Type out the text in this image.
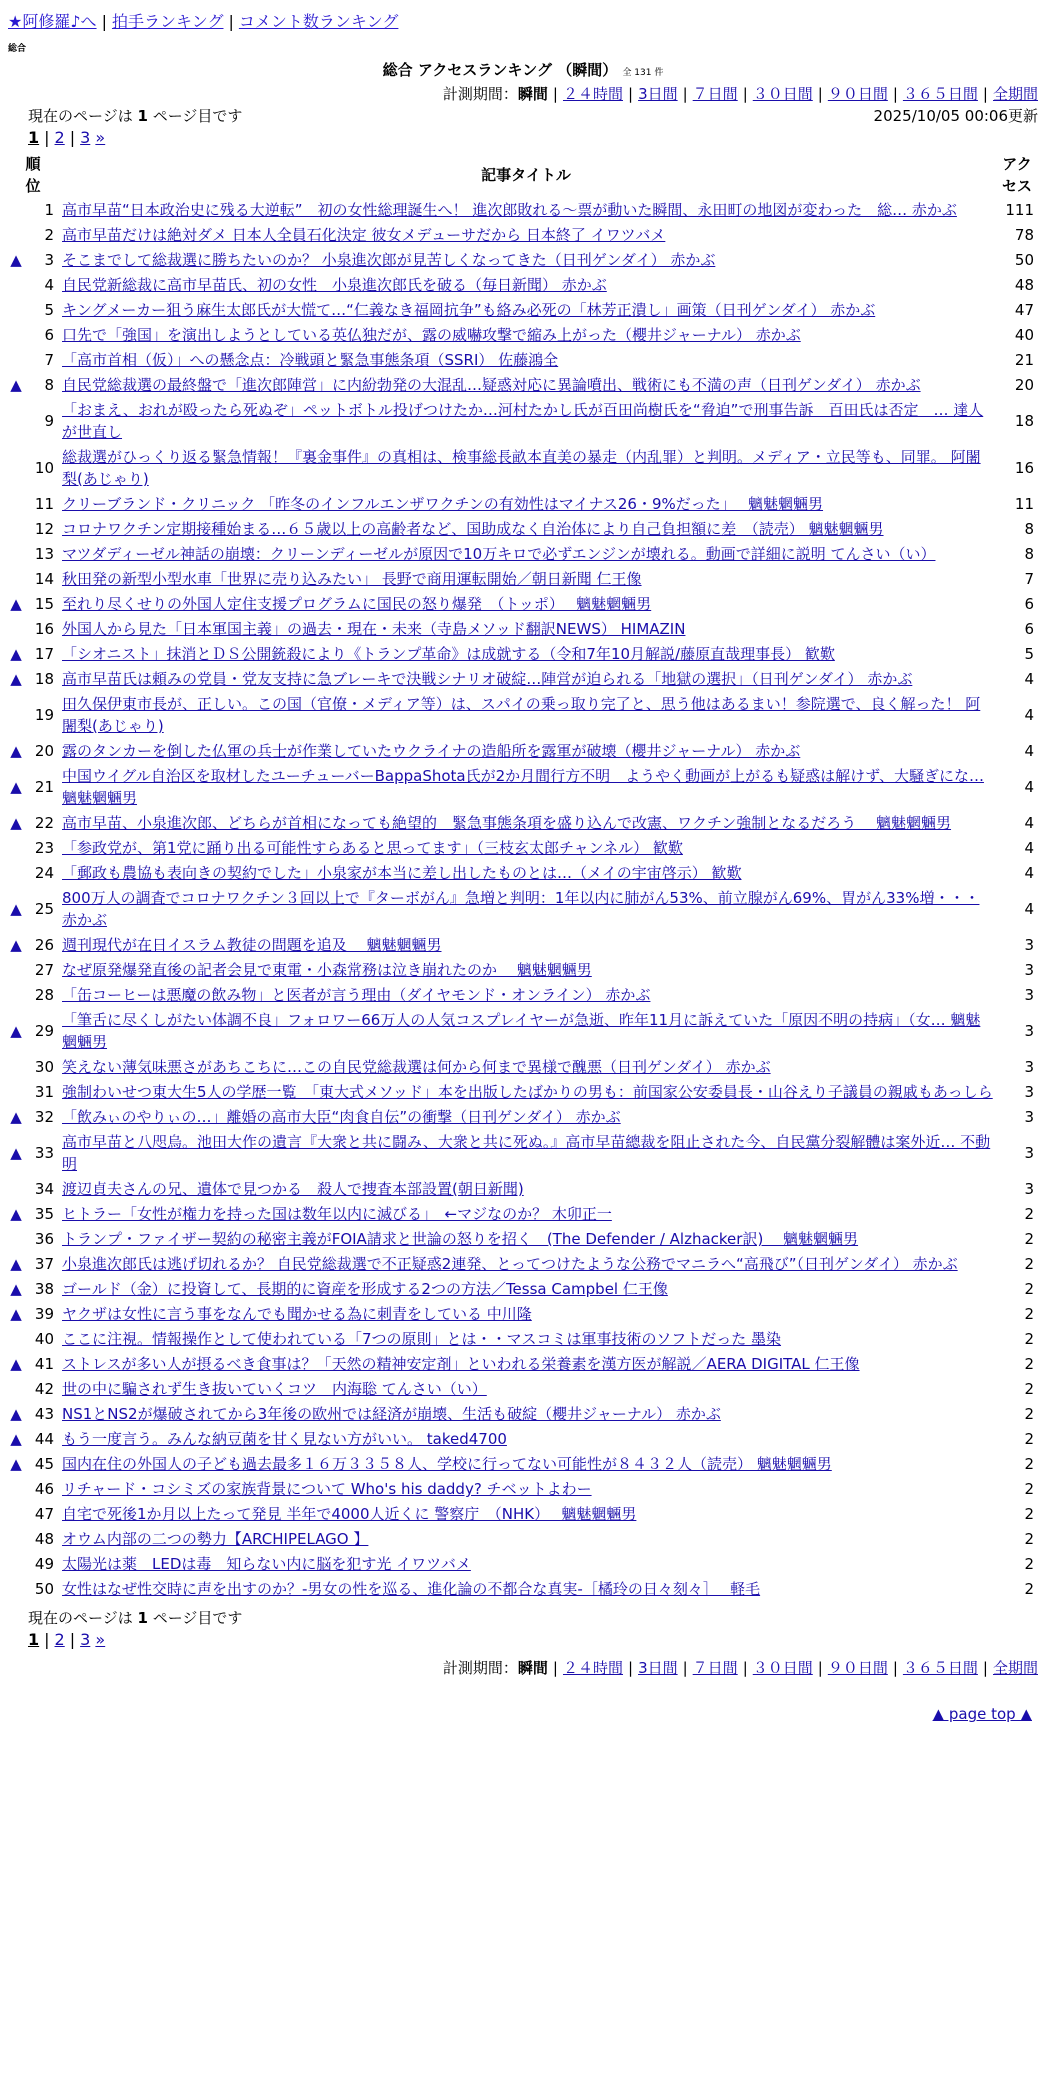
★阿修羅♪へ | 拍手ランキング | コメント数ランキング
総合
総合 アクセスランキング （瞬間） 全 131 件
計測期間：瞬間 | ２４時間 | 3日間 | ７日間 | ３０日間 | ９０日間 | ３６５日間 | 全期間
現在のページは 1 ページ目です	2025/10/05 00:06更新
1 | 2 | 3 »
順
位		記事タイトル	アク
セス
	1	高市早苗“日本政治史に残る大逆転”　初の女性総理誕生へ！ 進次郎敗れる～票が動いた瞬間、永田町の地図が変わった　総… 赤かぶ	111
	2	高市早苗だけは絶対ダメ 日本人全員石化決定 彼女メデューサだから 日本終了 イワツバメ	78
▲	3	そこまでして総裁選に勝ちたいのか？ 小泉進次郎が見苦しくなってきた（日刊ゲンダイ） 赤かぶ	50
	4	自民党新総裁に高市早苗氏、初の女性　小泉進次郎氏を破る（毎日新聞） 赤かぶ	48
	5	キングメーカー狙う麻生太郎氏が大慌て…“仁義なき福岡抗争”も絡み必死の「林芳正潰し」画策（日刊ゲンダイ） 赤かぶ	47
	6	口先で「強国」を演出しようとしている英仏独だが、露の威嚇攻撃で縮み上がった（櫻井ジャーナル） 赤かぶ	40
	7	「高市首相（仮）」への懸念点：冷戦頭と緊急事態条項（SSRI） 佐藤鴻全	21
▲	8	自民党総裁選の最終盤で「進次郎陣営」に内紛勃発の大混乱…疑惑対応に異論噴出、戦術にも不満の声（日刊ゲンダイ） 赤かぶ	20
	9	「おまえ、おれが殴ったら死ぬぞ」ペットボトル投げつけたか…河村たかし氏が百田尚樹氏を“脅迫”で刑事告訴　百田氏は否定　… 達人が世直し	18
	10	総裁選がひっくり返る緊急情報！『裏金事件』の真相は、検事総長畝本直美の暴走（内乱罪）と判明。メディア・立民等も、同罪。 阿闍梨(あじゃり)	16
	11	クリーブランド・クリニック 「昨冬のインフルエンザワクチンの有効性はマイナス26・9%だった」　 魑魅魍魎男	11
	12	コロナワクチン定期接種始まる…６５歳以上の高齢者など、国助成なく自治体により自己負担額に差　（読売） 魑魅魍魎男	8
	13	マツダディーゼル神話の崩壊：クリーンディーゼルが原因で10万キロで必ずエンジンが壊れる。動画で詳細に説明 てんさい（い）	8
	14	秋田発の新型小型水車「世界に売り込みたい」 長野で商用運転開始／朝日新聞 仁王像	7
▲	15	至れり尽くせりの外国人定住支援プログラムに国民の怒り爆発　（トッポ）　 魑魅魍魎男	6
	16	外国人から見た「日本軍国主義」の過去・現在・未来（寺島メソッド翻訳NEWS） HIMAZIN	6
▲	17	「シオニスト」抹消とＤＳ公開銃殺により《トランプ革命》は成就する（令和7年10月解説/藤原直哉理事長） 歓歎	5
▲	18	高市早苗氏は頼みの党員・党友支持に急ブレーキで決戦シナリオ破綻…陣営が迫られる「地獄の選択」（日刊ゲンダイ） 赤かぶ	4
	19	田久保伊東市長が、正しい。この国（官僚・メディア等）は、スパイの乗っ取り完了と、思う他はあるまい！参院選で、良く解った！ 阿闍梨(あじゃり)	4
▲	20	露のタンカーを倒した仏軍の兵士が作業していたウクライナの造船所を露軍が破壊（櫻井ジャーナル） 赤かぶ	4
▲	21	中国ウイグル自治区を取材したユーチューバーBappaShota氏が2か月間行方不明　ようやく動画が上がるも疑惑は解けず、大騒ぎにな… 魑魅魍魎男	4
▲	22	高市早苗、小泉進次郎、どちらが首相になっても絶望的　緊急事態条項を盛り込んで改憲、ワクチン強制となるだろう　 魑魅魍魎男	4
	23	「参政党が、第1党に踊り出る可能性すらあると思ってます」（三枝玄太郎チャンネル） 歓歎	4
	24	「郵政も農協も表向きの契約でした」小泉家が本当に差し出したものとは…（メイの宇宙啓示） 歓歎	4
▲	25	800万人の調査でコロナワクチン３回以上で『ターボがん』急増と判明：1年以内に肺がん53%、前立腺がん69%、胃がん33%増・・・ 赤かぶ	4
▲	26	週刊現代が在日イスラム教徒の問題を追及　 魑魅魍魎男	3
	27	なぜ原発爆発直後の記者会見で東電・小森常務は泣き崩れたのか　 魑魅魍魎男	3
	28	「缶コーヒーは悪魔の飲み物」と医者が言う理由（ダイヤモンド・オンライン） 赤かぶ	3
▲	29	「筆舌に尽くしがたい体調不良」フォロワー66万人の人気コスプレイヤーが急逝、昨年11月に訴えていた「原因不明の持病」（女… 魑魅魍魎男	3
	30	笑えない薄気味悪さがあちこちに…この自民党総裁選は何から何まで異様で醜悪（日刊ゲンダイ） 赤かぶ	3
	31	強制わいせつ東大生5人の学歴一覧　「東大式メソッド」本を出版したばかりの男も：前国家公安委員長・山谷えり子議員の親戚もあっしら	3
▲	32	「飲みぃのやりぃの…」離婚の高市大臣“肉食自伝”の衝撃（日刊ゲンダイ） 赤かぶ	3
▲	33	高市早苗と八咫烏。池田大作の遺言『大衆と共に闘み、大衆と共に死ぬ。』高市早苗總裁を阻止された今、自民黨分裂解體は案外近… 不動明	3
	34	渡辺貞夫さんの兄、遺体で見つかる　殺人で捜査本部設置(朝日新聞)	3
▲	35	ヒトラー「女性が権力を持った国は数年以内に滅びる」　←マジなのか？ 木卯正一	2
	36	トランプ・ファイザー契約の秘密主義がFOIA請求と世論の怒りを招く　(The Defender / Alzhacker訳)　 魑魅魍魎男	2
▲	37	小泉進次郎氏は逃げ切れるか？ 自民党総裁選で不正疑惑2連発、とってつけたような公務でマニラへ“高飛び”（日刊ゲンダイ） 赤かぶ	2
▲	38	ゴールド（金）に投資して、長期的に資産を形成する2つの方法／Tessa Campbel 仁王像	2
▲	39	ヤクザは女性に言う事をなんでも聞かせる為に刺青をしている 中川隆	2
	40	ここに注視。情報操作として使われている「7つの原則」とは・・マスコミは軍事技術のソフトだった 墨染	2
▲	41	ストレスが多い人が摂るべき食事は？「天然の精神安定剤」といわれる栄養素を漢方医が解説／AERA DIGITAL 仁王像	2
	42	世の中に騙されず生き抜いていくコツ　内海聡 てんさい（い）	2
▲	43	NS1とNS2が爆破されてから3年後の欧州では経済が崩壊、生活も破綻（櫻井ジャーナル） 赤かぶ	2
▲	44	もう一度言う。みんな納豆菌を甘く見ない方がいい。 taked4700	2
▲	45	国内在住の外国人の子ども過去最多１６万３３５８人、学校に行ってない可能性が８４３２人（読売） 魑魅魍魎男	2
	46	リチャード・コシミズの家族背景について Who's his daddy? チベットよわー	2
	47	自宅で死後1か月以上たって発見 半年で4000人近くに 警察庁　（NHK）　 魑魅魍魎男	2
	48	オウム内部の二つの勢力【ARCHIPELAGO 】	2
	49	太陽光は薬　LEDは毒　知らない内に脳を犯す光 イワツバメ	2
	50	女性はなぜ性交時に声を出すのか？-男女の性を巡る、進化論の不都合な真実-［橘玲の日々刻々］　 軽毛	2
現在のページは 1 ページ目です
1 | 2 | 3 »
計測期間：瞬間 | ２４時間 | 3日間 | ７日間 | ３０日間 | ９０日間 | ３６５日間 | 全期間
▲ page top ▲
